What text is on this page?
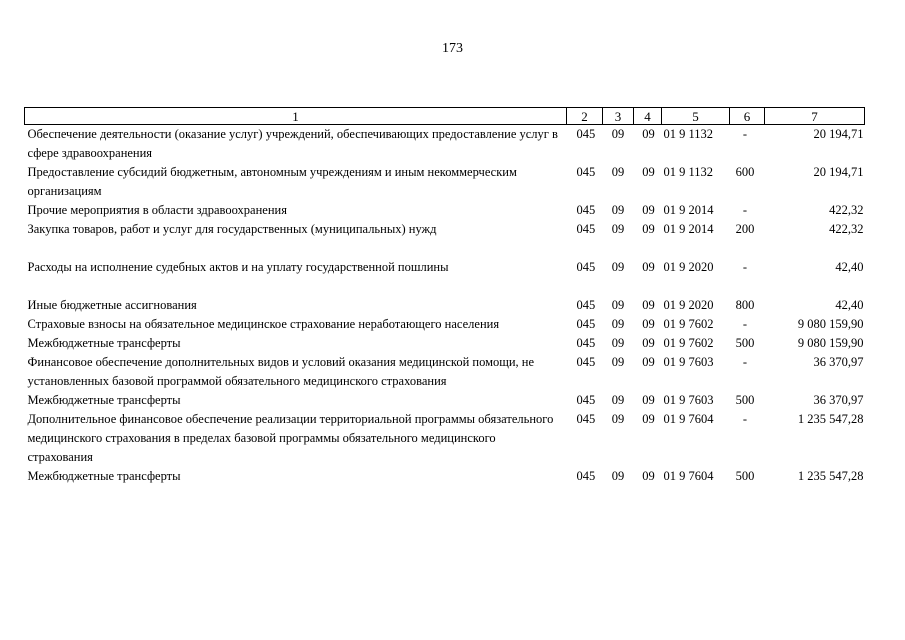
173
1	2	3	4	5	6	7
Обеспечение деятельности (оказание услуг) учреждений, обеспечивающих предоставление услуг в сфере здравоохранения	045	09	09	01 9 1132	-	20 194,71
Предоставление субсидий бюджетным, автономным учреждениям и иным некоммерческим организациям	045	09	09	01 9 1132	600	20 194,71
Прочие мероприятия в области здравоохранения	045	09	09	01 9 2014	-	422,32
Закупка товаров, работ и услуг для государственных (муниципальных) нужд	045	09	09	01 9 2014	200	422,32

Расходы на исполнение судебных актов и на уплату государственной пошлины	045	09	09	01 9 2020	-	42,40

Иные бюджетные ассигнования	045	09	09	01 9 2020	800	42,40
Страховые взносы на обязательное медицинское страхование неработающего населения	045	09	09	01 9 7602	-	9 080 159,90
Межбюджетные трансферты	045	09	09	01 9 7602	500	9 080 159,90
Финансовое обеспечение дополнительных видов и условий оказания медицинской помощи, не установленных базовой программой обязательного медицинского страхования	045	09	09	01 9 7603	-	36 370,97
Межбюджетные трансферты	045	09	09	01 9 7603	500	36 370,97
Дополнительное финансовое обеспечение реализации территориальной программы обязательного медицинского страхования в пределах базовой программы обязательного медицинского страхования	045	09	09	01 9 7604	-	1 235 547,28
Межбюджетные трансферты	045	09	09	01 9 7604	500	1 235 547,28
